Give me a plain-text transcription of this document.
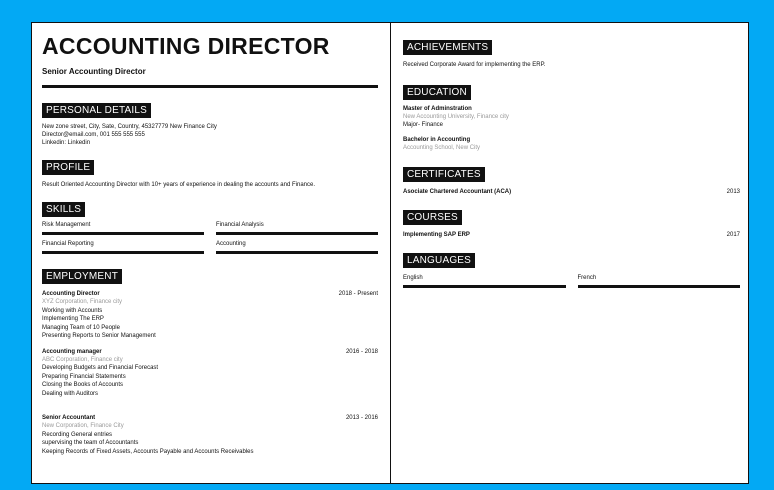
ACCOUNTING DIRECTOR
Senior Accounting Director
PERSONAL DETAILS
New zone street, City, Sate, Country, 45327779 New Finance City
Director@email.com, 001 555 555 555
Linkedin: Linkedin
PROFILE
Result Oriented Accounting Director with 10+ years of experience in dealing the accounts and Finance.
SKILLS
Risk Management	Financial Analysis
Financial Reporting	Accounting
EMPLOYMENT
Accounting Director	2018 - Present
XYZ Corporation, Finance city
Working with Accounts
Implementing The ERP
Managing Team of 10 People
Presenting Reports to Senior Management
Accounting manager	2016 - 2018
ABC Corporation, Finance city
Developing Budgets and Financial Forecast
Preparing Financial Statements
Closing the Books of Accounts
Dealing with Auditors
Senior Accountant	2013 - 2016
New Corporation, Finance City
Recording General entries
supervising the team of Accountants
Keeping Records of Fixed Assets, Accounts Payable and Accounts Receivables
ACHIEVEMENTS
Received Corporate Award for implementing the ERP.
EDUCATION
Master of Adminstration
New Accounting University, Finance city
Major- Finance
Bachelor in Accounting
Accounting School, New City
CERTIFICATES
Asociate Chartered Accountant (ACA)	2013
COURSES
Implementing SAP ERP	2017
LANGUAGES
English	French
